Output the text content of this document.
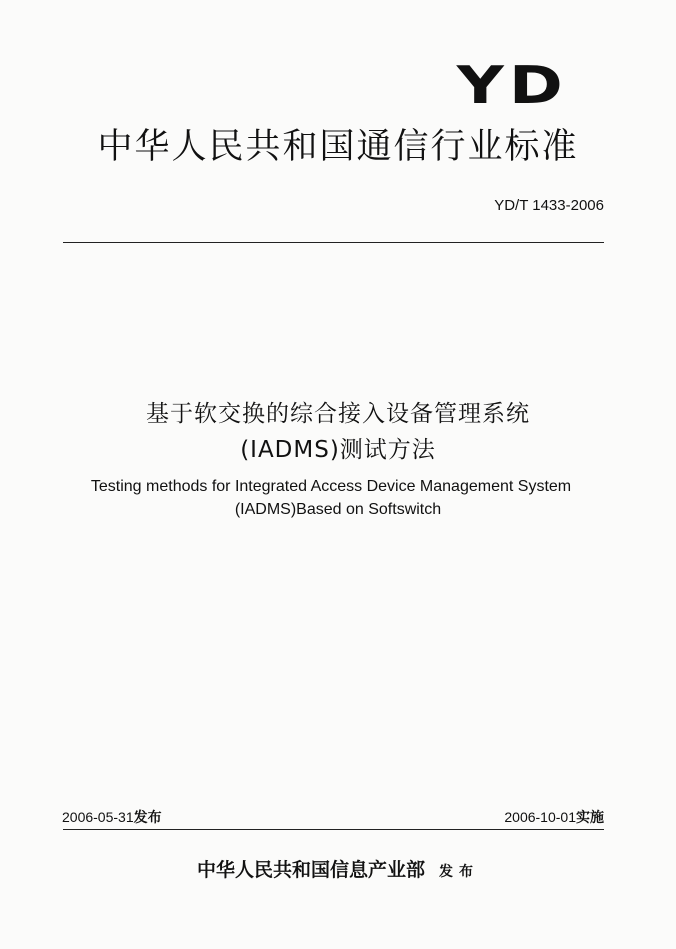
YD
中华人民共和国通信行业标准
YD/T 1433-2006
基于软交换的综合接入设备管理系统
(IADMS)测试方法
Testing methods for Integrated Access Device Management System
(IADMS)Based on Softswitch
2006-05-31发布	2006-10-01实施
中华人民共和国信息产业部 发布
